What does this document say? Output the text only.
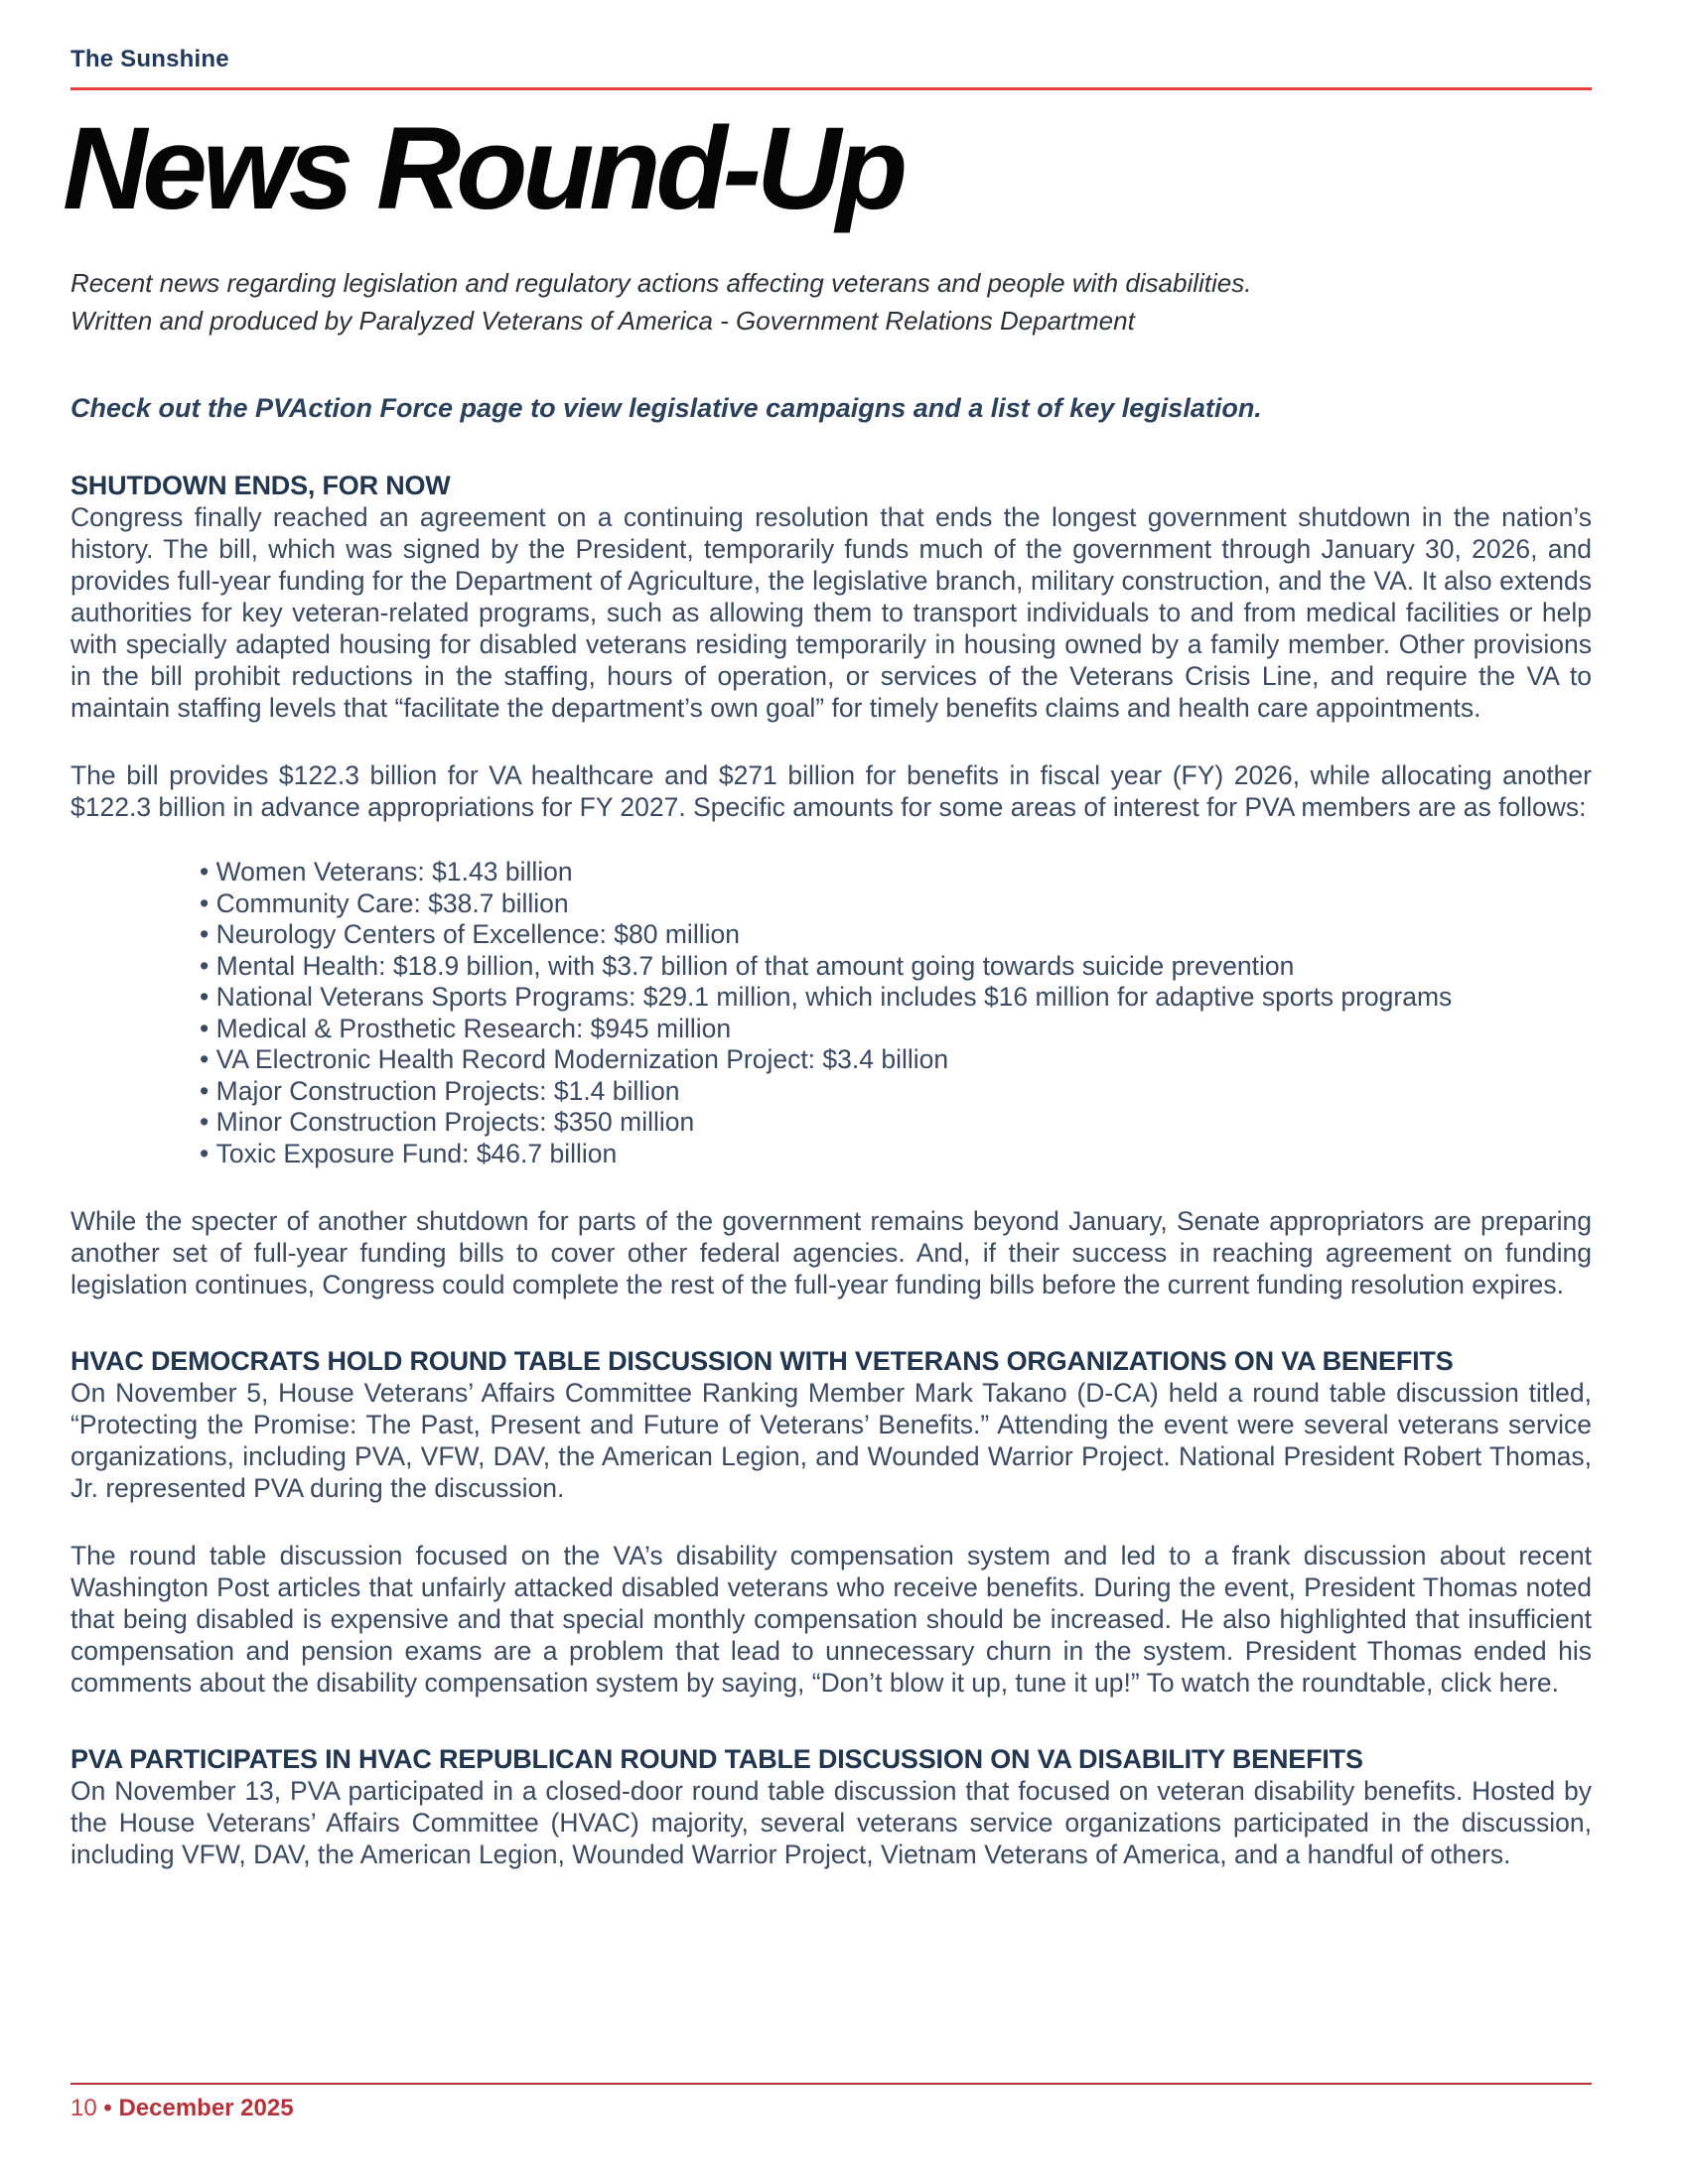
The Sunshine
News Round-Up

Recent news regarding legislation and regulatory actions affecting veterans and people with disabilities.

Written and produced by Paralyzed Veterans of America - Government Relations Department

Check out the PVAction Force page to view legislative campaigns and a list of key legislation.

SHUTDOWN ENDS, FOR NOW

Congress finally reached an agreement on a continuing resolution that ends the longest government shutdown in the nation’s history. The bill, which was signed by the President, temporarily funds much of the government through January 30, 2026, and provides full-year funding for the Department of Agriculture, the legislative branch, military construction, and the VA. It also extends authorities for key veteran-related programs, such as allowing them to transport individuals to and from medical facilities or help with specially adapted housing for disabled veterans residing temporarily in housing owned by a family member. Other provisions in the bill prohibit reductions in the staffing, hours of operation, or services of the Veterans Crisis Line, and require the VA to maintain staffing levels that “facilitate the department’s own goal” for timely benefits claims and health care appointments.

The bill provides $122.3 billion for VA healthcare and $271 billion for benefits in fiscal year (FY) 2026, while allocating another $122.3 billion in advance appropriations for FY 2027. Specific amounts for some areas of interest for PVA members are as follows:

• Women Veterans: $1.43 billion
• Community Care: $38.7 billion
• Neurology Centers of Excellence: $80 million
• Mental Health: $18.9 billion, with $3.7 billion of that amount going towards suicide prevention
• National Veterans Sports Programs: $29.1 million, which includes $16 million for adaptive sports programs
• Medical & Prosthetic Research: $945 million
• VA Electronic Health Record Modernization Project: $3.4 billion
• Major Construction Projects: $1.4 billion
• Minor Construction Projects: $350 million
• Toxic Exposure Fund: $46.7 billion

While the specter of another shutdown for parts of the government remains beyond January, Senate appropriators are preparing another set of full-year funding bills to cover other federal agencies. And, if their success in reaching agreement on funding legislation continues, Congress could complete the rest of the full-year funding bills before the current funding resolution expires.

HVAC DEMOCRATS HOLD ROUND TABLE DISCUSSION WITH VETERANS ORGANIZATIONS ON VA BENEFITS

On November 5, House Veterans’ Affairs Committee Ranking Member Mark Takano (D-CA) held a round table discussion titled, “Protecting the Promise: The Past, Present and Future of Veterans’ Benefits.” Attending the event were several veterans service organizations, including PVA, VFW, DAV, the American Legion, and Wounded Warrior Project. National President Robert Thomas, Jr. represented PVA during the discussion.

The round table discussion focused on the VA’s disability compensation system and led to a frank discussion about recent Washington Post articles that unfairly attacked disabled veterans who receive benefits. During the event, President Thomas noted that being disabled is expensive and that special monthly compensation should be increased. He also highlighted that insufficient compensation and pension exams are a problem that lead to unnecessary churn in the system. President Thomas ended his comments about the disability compensation system by saying, “Don’t blow it up, tune it up!” To watch the roundtable, click here.

PVA PARTICIPATES IN HVAC REPUBLICAN ROUND TABLE DISCUSSION ON VA DISABILITY BENEFITS

On November 13, PVA participated in a closed-door round table discussion that focused on veteran disability benefits. Hosted by the House Veterans’ Affairs Committee (HVAC) majority, several veterans service organizations participated in the discussion, including VFW, DAV, the American Legion, Wounded Warrior Project, Vietnam Veterans of America, and a handful of others.

10 • December 2025
